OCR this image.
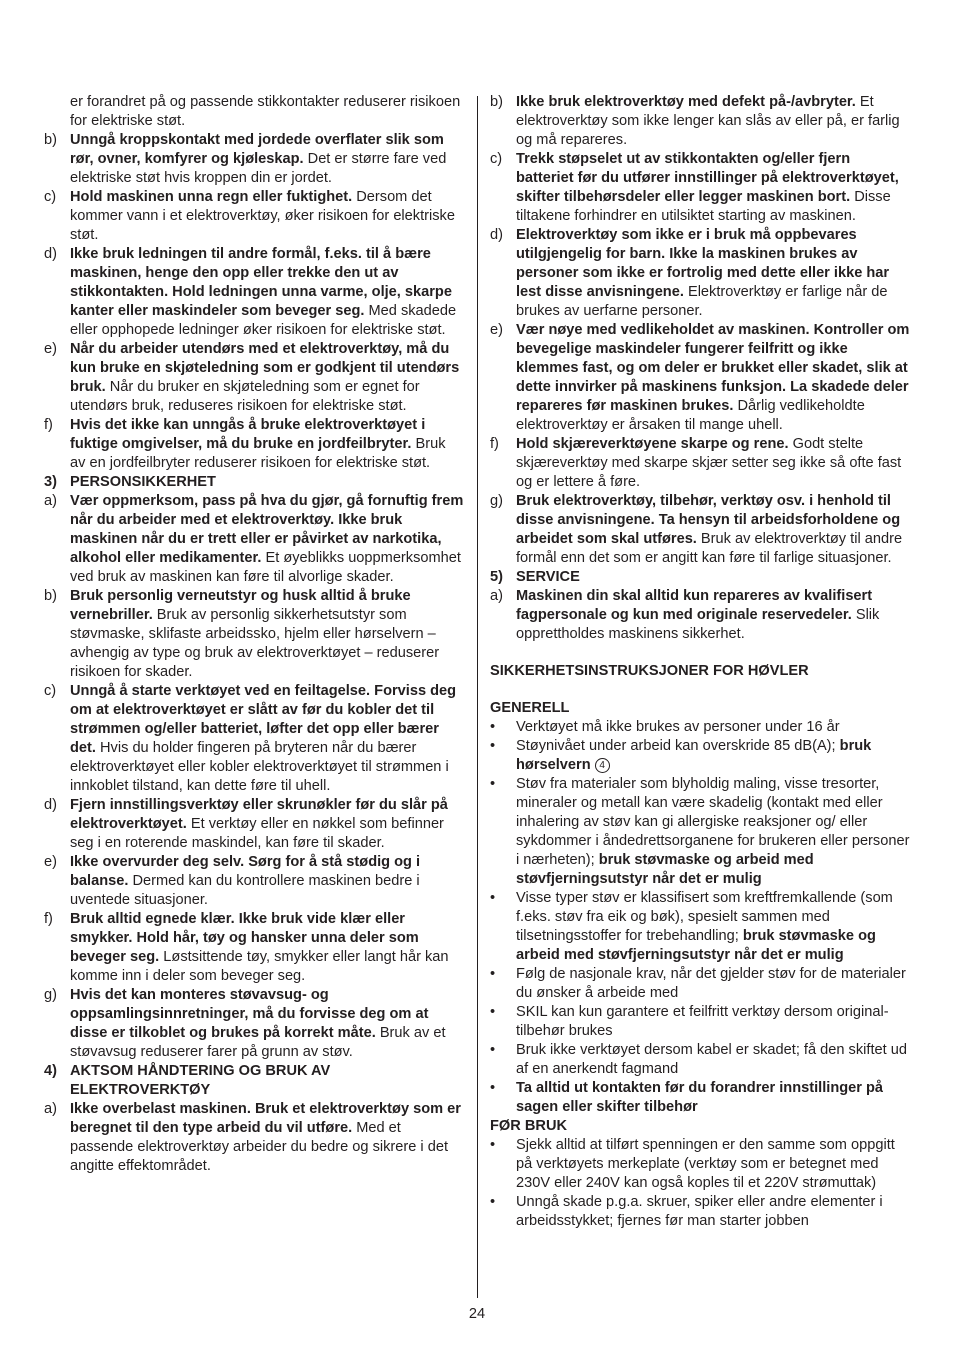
er forandret på og passende stikkontakter reduserer risikoen for elektriske støt.
b) Unngå kroppskontakt med jordede overflater slik som rør, ovner, komfyrer og kjøleskap. Det er større fare ved elektriske støt hvis kroppen din er jordet.
c) Hold maskinen unna regn eller fuktighet. Dersom det kommer vann i et elektroverktøy, øker risikoen for elektriske støt.
d) Ikke bruk ledningen til andre formål, f.eks. til å bære maskinen, henge den opp eller trekke den ut av stikkontakten. Hold ledningen unna varme, olje, skarpe kanter eller maskindeler som beveger seg. Med skadede eller opphopede ledninger øker risikoen for elektriske støt.
e) Når du arbeider utendørs med et elektroverktøy, må du kun bruke en skjøteledning som er godkjent til utendørs bruk. Når du bruker en skjøteledning som er egnet for utendørs bruk, reduseres risikoen for elektriske støt.
f) Hvis det ikke kan unngås å bruke elektroverktøyet i fuktige omgivelser, må du bruke en jordfeilbryter. Bruk av en jordfeilbryter reduserer risikoen for elektriske støt.
3) PERSONSIKKERHET
a) Vær oppmerksom, pass på hva du gjør, gå fornuftig frem når du arbeider med et elektroverktøy. Ikke bruk maskinen når du er trett eller er påvirket av narkotika, alkohol eller medikamenter. Et øyeblikks uoppmerksomhet ved bruk av maskinen kan føre til alvorlige skader.
b) Bruk personlig verneutstyr og husk alltid å bruke vernebriller. Bruk av personlig sikkerhetsutstyr som støvmaske, sklifaste arbeidssko, hjelm eller hørselvern – avhengig av type og bruk av elektroverktøyet – reduserer risikoen for skader.
c) Unngå å starte verktøyet ved en feiltagelse. Forviss deg om at elektroverktøyet er slått av før du kobler det til strømmen og/eller batteriet, løfter det opp eller bærer det. Hvis du holder fingeren på bryteren når du bærer elektroverktøyet eller kobler elektroverktøyet til strømmen i innkoblet tilstand, kan dette føre til uhell.
d) Fjern innstillingsverktøy eller skrunøkler før du slår på elektroverktøyet. Et verktøy eller en nøkkel som befinner seg i en roterende maskindel, kan føre til skader.
e) Ikke overvurder deg selv. Sørg for å stå stødig og i balanse. Dermed kan du kontrollere maskinen bedre i uventede situasjoner.
f) Bruk alltid egnede klær. Ikke bruk vide klær eller smykker. Hold hår, tøy og hansker unna deler som beveger seg. Løstsittende tøy, smykker eller langt hår kan komme inn i deler som beveger seg.
g) Hvis det kan monteres støvavsug- og oppsamlingsinnretninger, må du forvisse deg om at disse er tilkoblet og brukes på korrekt måte. Bruk av et støvavsug reduserer farer på grunn av støv.
4) AKTSOM HÅNDTERING OG BRUK AV ELEKTROVERKTØY
a) Ikke overbelast maskinen. Bruk et elektroverktøy som er beregnet til den type arbeid du vil utføre. Med et passende elektroverktøy arbeider du bedre og sikrere i det angitte effektområdet.
b) Ikke bruk elektroverktøy med defekt på-/avbryter. Et elektroverktøy som ikke lenger kan slås av eller på, er farlig og må repareres.
c) Trekk støpselet ut av stikkontakten og/eller fjern batteriet før du utfører innstillinger på elektroverktøyet, skifter tilbehørsdeler eller legger maskinen bort. Disse tiltakene forhindrer en utilsiktet starting av maskinen.
d) Elektroverktøy som ikke er i bruk må oppbevares utilgjengelig for barn. Ikke la maskinen brukes av personer som ikke er fortrolig med dette eller ikke har lest disse anvisningene. Elektroverktøy er farlige når de brukes av uerfarne personer.
e) Vær nøye med vedlikeholdet av maskinen. Kontroller om bevegelige maskindeler fungerer feilfritt og ikke klemmes fast, og om deler er brukket eller skadet, slik at dette innvirker på maskinens funksjon. La skadede deler repareres før maskinen brukes. Dårlig vedlikeholdte elektroverktøy er årsaken til mange uhell.
f) Hold skjæreverktøyene skarpe og rene. Godt stelte skjæreverktøy med skarpe skjær setter seg ikke så ofte fast og er lettere å føre.
g) Bruk elektroverktøy, tilbehør, verktøy osv. i henhold til disse anvisningene. Ta hensyn til arbeidsforholdene og arbeidet som skal utføres. Bruk av elektroverktøy til andre formål enn det som er angitt kan føre til farlige situasjoner.
5) SERVICE
a) Maskinen din skal alltid kun repareres av kvalifisert fagpersonale og kun med originale reservedeler. Slik opprettholdes maskinens sikkerhet.
SIKKERHETSINSTRUKSJONER FOR HØVLER
GENERELL
• Verktøyet må ikke brukes av personer under 16 år
• Støynivået under arbeid kan overskride 85 dB(A); bruk hørselvern 4
• Støv fra materialer som blyholdig maling, visse tresorter, mineraler og metall kan være skadelig (kontakt med eller inhalering av støv kan gi allergiske reaksjoner og/ eller sykdommer i åndedrettsorganene for brukeren eller personer i nærheten); bruk støvmaske og arbeid med støvfjerningsutstyr når det er mulig
• Visse typer støv er klassifisert som kreftfremkallende (som f.eks. støv fra eik og bøk), spesielt sammen med tilsetningsstoffer for trebehandling; bruk støvmaske og arbeid med støvfjerningsutstyr når det er mulig
• Følg de nasjonale krav, når det gjelder støv for de materialer du ønsker å arbeide med
• SKIL kan kun garantere et feilfritt verktøy dersom original-tilbehør brukes
• Bruk ikke verktøyet dersom kabel er skadet; få den skiftet ud af en anerkendt fagmand
• Ta alltid ut kontakten før du forandrer innstillinger på sagen eller skifter tilbehør
FØR BRUK
• Sjekk alltid at tilført spenningen er den samme som oppgitt på verktøyets merkeplate (verktøy som er betegnet med 230V eller 240V kan også koples til et 220V strømuttak)
• Unngå skade p.g.a. skruer, spiker eller andre elementer i arbeidsstykket; fjernes før man starter jobben
24
